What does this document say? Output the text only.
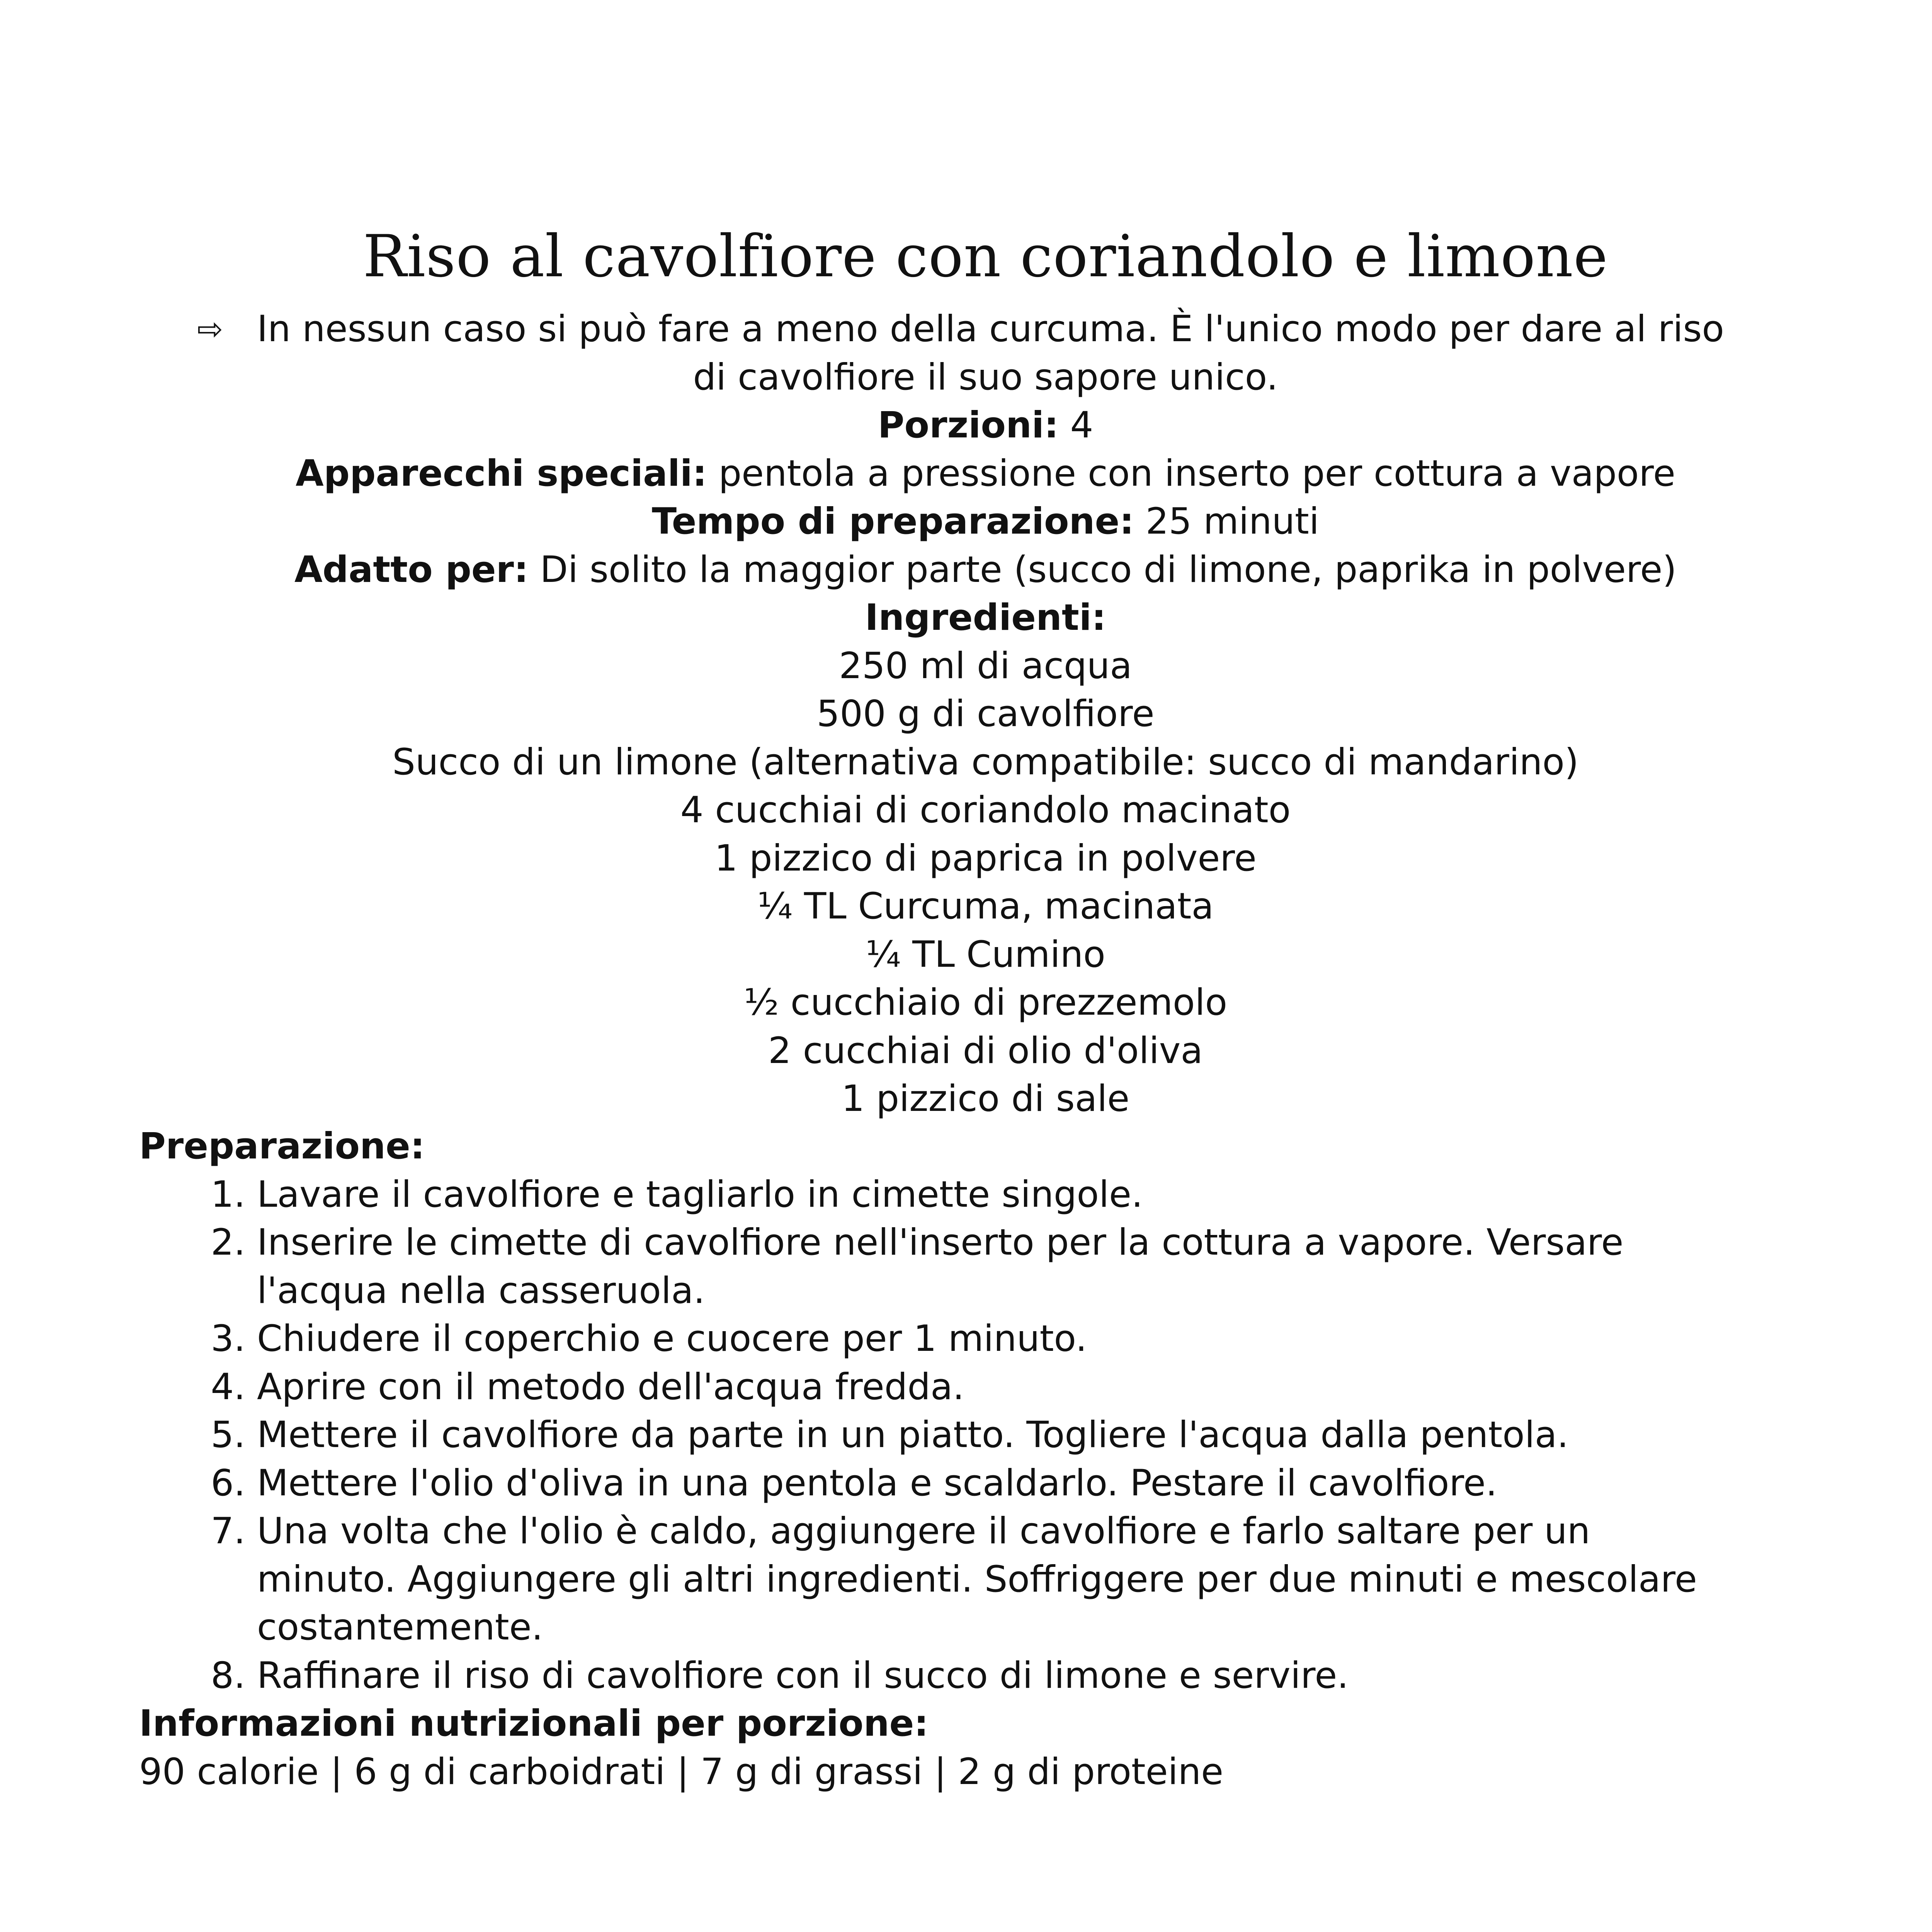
Riso al cavolfiore con coriandolo e limone
⇨ In nessun caso si può fare a meno della curcuma. È l'unico modo per dare al riso
di cavolfiore il suo sapore unico.
Porzioni: 4
Apparecchi speciali: pentola a pressione con inserto per cottura a vapore
Tempo di preparazione: 25 minuti
Adatto per: Di solito la maggior parte (succo di limone, paprika in polvere)
Ingredienti:
250 ml di acqua
500 g di cavolfiore
Succo di un limone (alternativa compatibile: succo di mandarino)
4 cucchiai di coriandolo macinato
1 pizzico di paprica in polvere
¼ TL Curcuma, macinata
¼ TL Cumino
½ cucchiaio di prezzemolo
2 cucchiai di olio d'oliva
1 pizzico di sale
Preparazione:
1. Lavare il cavolfiore e tagliarlo in cimette singole.
2. Inserire le cimette di cavolfiore nell'inserto per la cottura a vapore. Versare
l'acqua nella casseruola.
3. Chiudere il coperchio e cuocere per 1 minuto.
4. Aprire con il metodo dell'acqua fredda.
5. Mettere il cavolfiore da parte in un piatto. Togliere l'acqua dalla pentola.
6. Mettere l'olio d'oliva in una pentola e scaldarlo. Pestare il cavolfiore.
7. Una volta che l'olio è caldo, aggiungere il cavolfiore e farlo saltare per un
minuto. Aggiungere gli altri ingredienti. Soffriggere per due minuti e mescolare
costantemente.
8. Raffinare il riso di cavolfiore con il succo di limone e servire.
Informazioni nutrizionali per porzione:
90 calorie | 6 g di carboidrati | 7 g di grassi | 2 g di proteine
